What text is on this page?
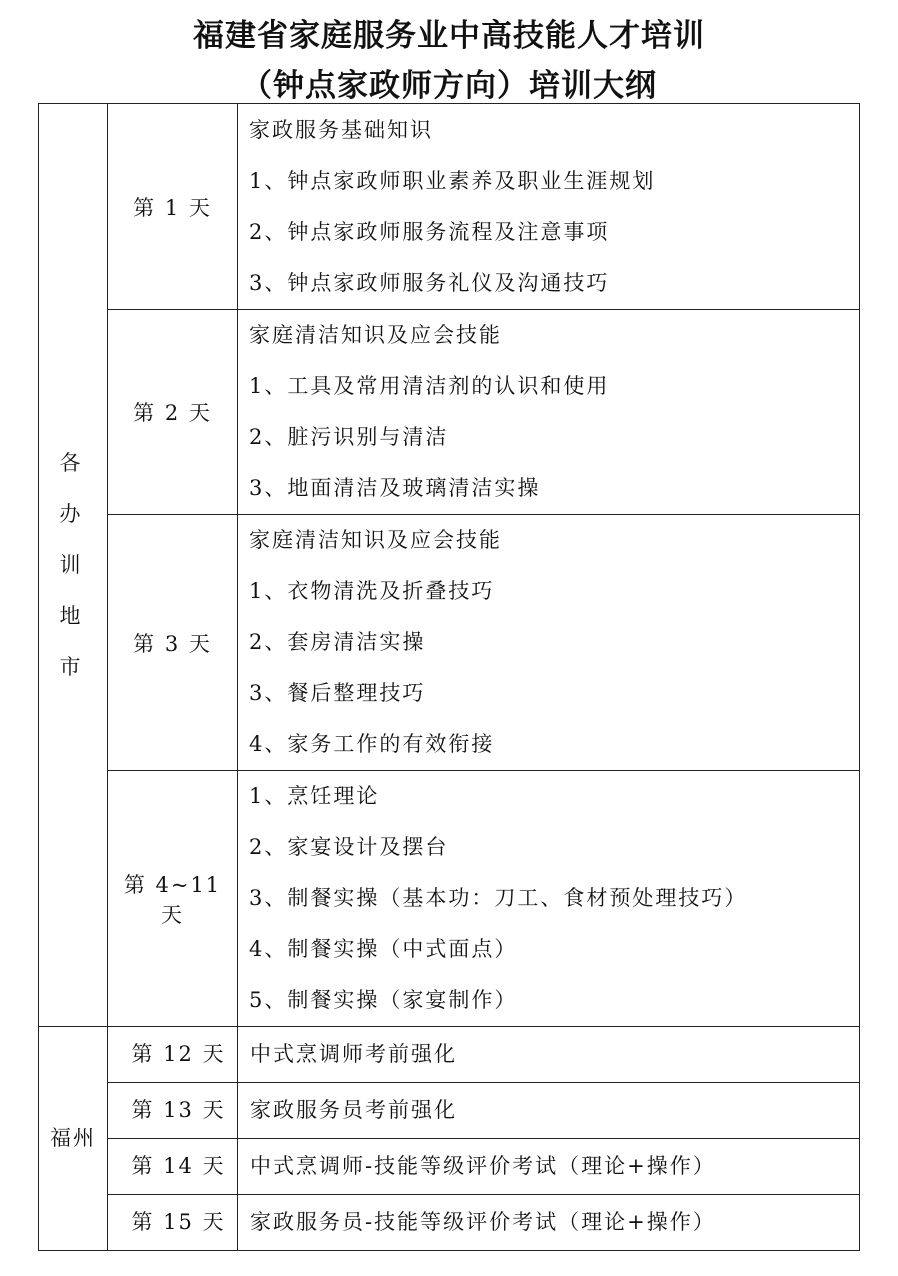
福建省家庭服务业中高技能人才培训
（钟点家政师方向）培训大纲
各办训地市	第 1 天	家政服务基础知识
1、钟点家政师职业素养及职业生涯规划
2、钟点家政师服务流程及注意事项
3、钟点家政师服务礼仪及沟通技巧

	第 2 天	家庭清洁知识及应会技能
1、工具及常用清洁剂的认识和使用
2、脏污识别与清洁
3、地面清洁及玻璃清洁实操

	第 3 天	家庭清洁知识及应会技能
1、衣物清洗及折叠技巧
2、套房清洁实操
3、餐后整理技巧
4、家务工作的有效衔接

	第 4~11 天	1、烹饪理论
2、家宴设计及摆台
3、制餐实操（基本功：刀工、食材预处理技巧）
4、制餐实操（中式面点）
5、制餐实操（家宴制作）

福州	第 12 天	中式烹调师考前强化
	第 13 天	家政服务员考前强化
	第 14 天	中式烹调师-技能等级评价考试（理论+操作）
	第 15 天	家政服务员-技能等级评价考试（理论+操作）
